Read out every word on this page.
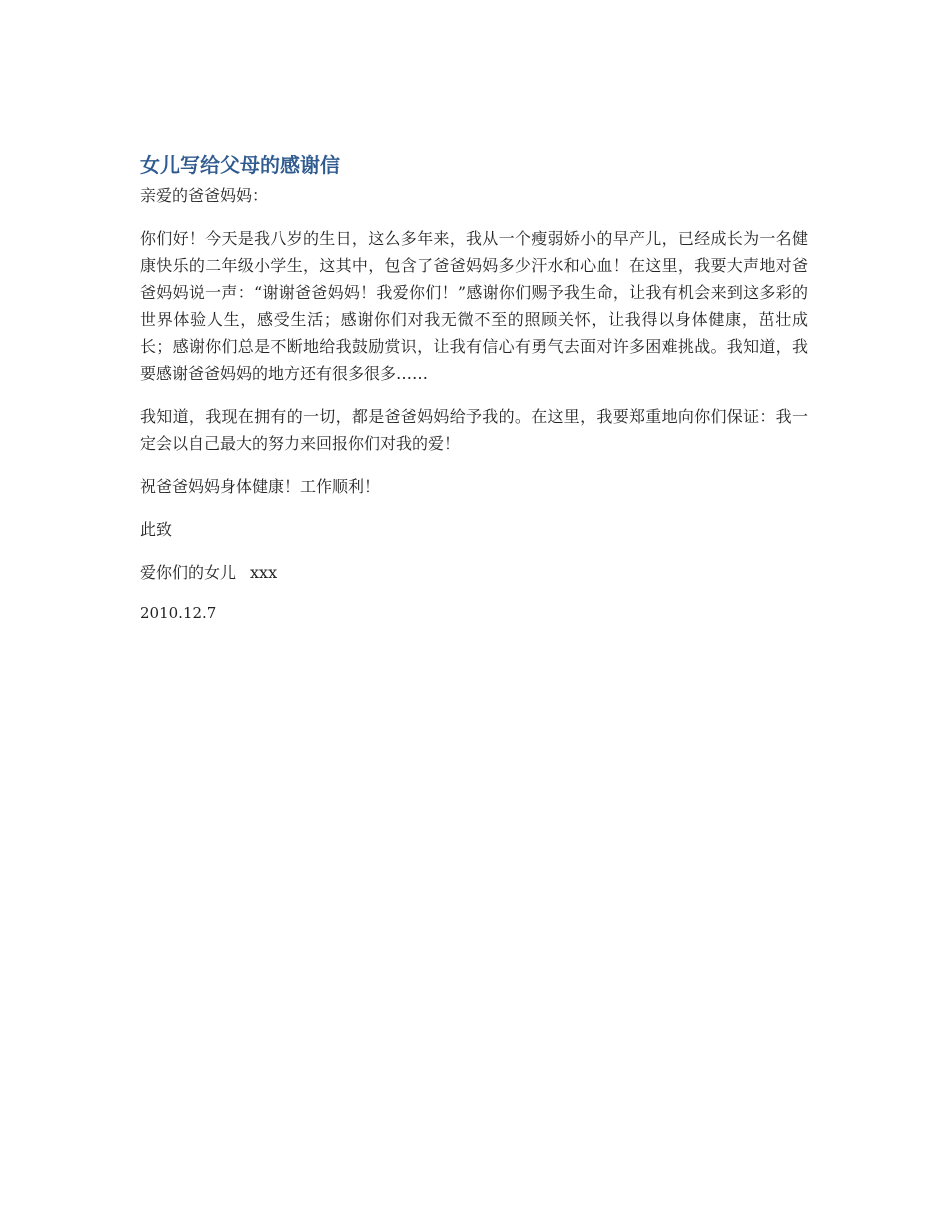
女儿写给父母的感谢信

亲爱的爸爸妈妈：

你们好！今天是我八岁的生日，这么多年来，我从一个瘦弱娇小的早产儿，已经成长为一名健康快乐的二年级小学生，这其中，包含了爸爸妈妈多少汗水和心血！在这里，我要大声地对爸爸妈妈说一声：“谢谢爸爸妈妈！我爱你们！”感谢你们赐予我生命，让我有机会来到这多彩的世界体验人生，感受生活；感谢你们对我无微不至的照顾关怀，让我得以身体健康，茁壮成长；感谢你们总是不断地给我鼓励赏识，让我有信心有勇气去面对许多困难挑战。我知道，我要感谢爸爸妈妈的地方还有很多很多……

我知道，我现在拥有的一切，都是爸爸妈妈给予我的。在这里，我要郑重地向你们保证：我一定会以自己最大的努力来回报你们对我的爱！

祝爸爸妈妈身体健康！工作顺利！

此致

爱你们的女儿 xxx

2010.12.7
